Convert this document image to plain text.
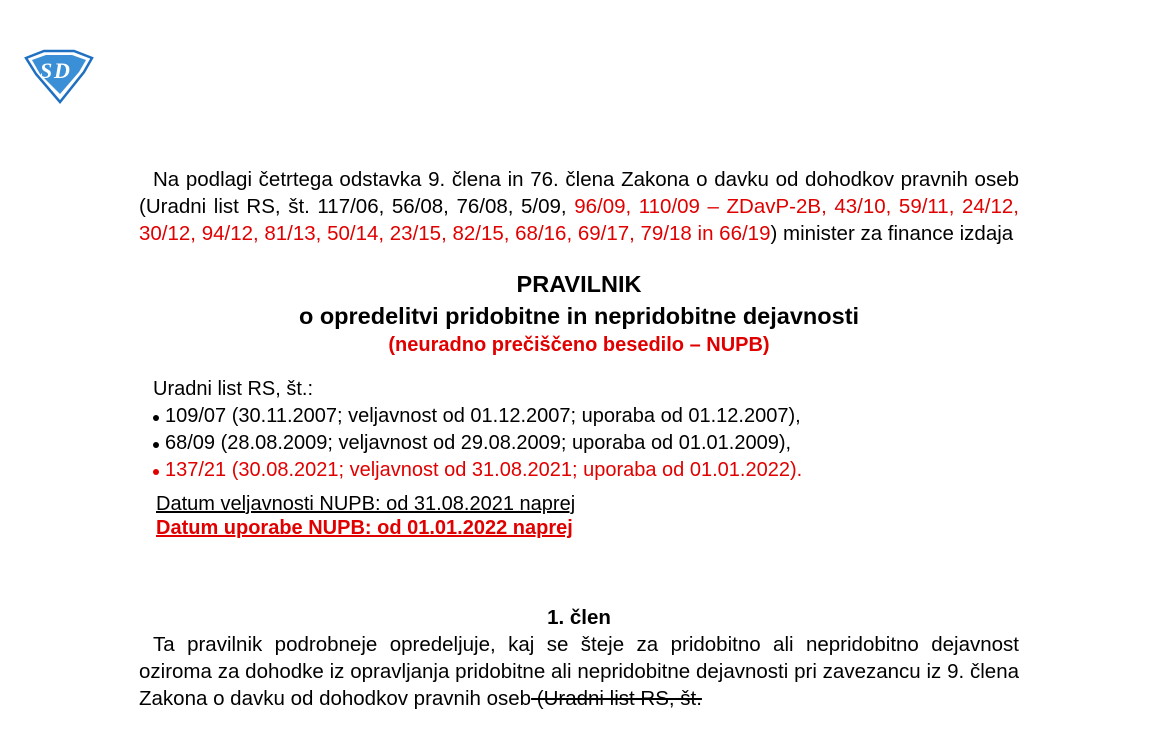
S D

Na podlagi četrtega odstavka 9. člena in 76. člena Zakona o davku od dohodkov pravnih oseb (Uradni list RS, št. 117/06, 56/08, 76/08, 5/09, 96/09, 110/09 – ZDavP-2B, 43/10, 59/11, 24/12, 30/12, 94/12, 81/13, 50/14, 23/15, 82/15, 68/16, 69/17, 79/18 in 66/19) minister za finance izdaja

PRAVILNIK
o opredelitvi pridobitne in nepridobitne dejavnosti
(neuradno prečiščeno besedilo – NUPB)
Uradni list RS, št.:
109/07 (30.11.2007; veljavnost od 01.12.2007; uporaba od 01.12.2007),
68/09 (28.08.2009; veljavnost od 29.08.2009; uporaba od 01.01.2009),
137/21 (30.08.2021; veljavnost od 31.08.2021; uporaba od 01.01.2022).
Datum veljavnosti NUPB: od 31.08.2021 naprej
Datum uporabe NUPB: od 01.01.2022 naprej
1. člen

Ta pravilnik podrobneje opredeljuje, kaj se šteje za pridobitno ali nepridobitno dejavnost oziroma za dohodke iz opravljanja pridobitne ali nepridobitne dejavnosti pri zavezancu iz 9. člena Zakona o davku od dohodkov pravnih oseb (Uradni list RS, št.
